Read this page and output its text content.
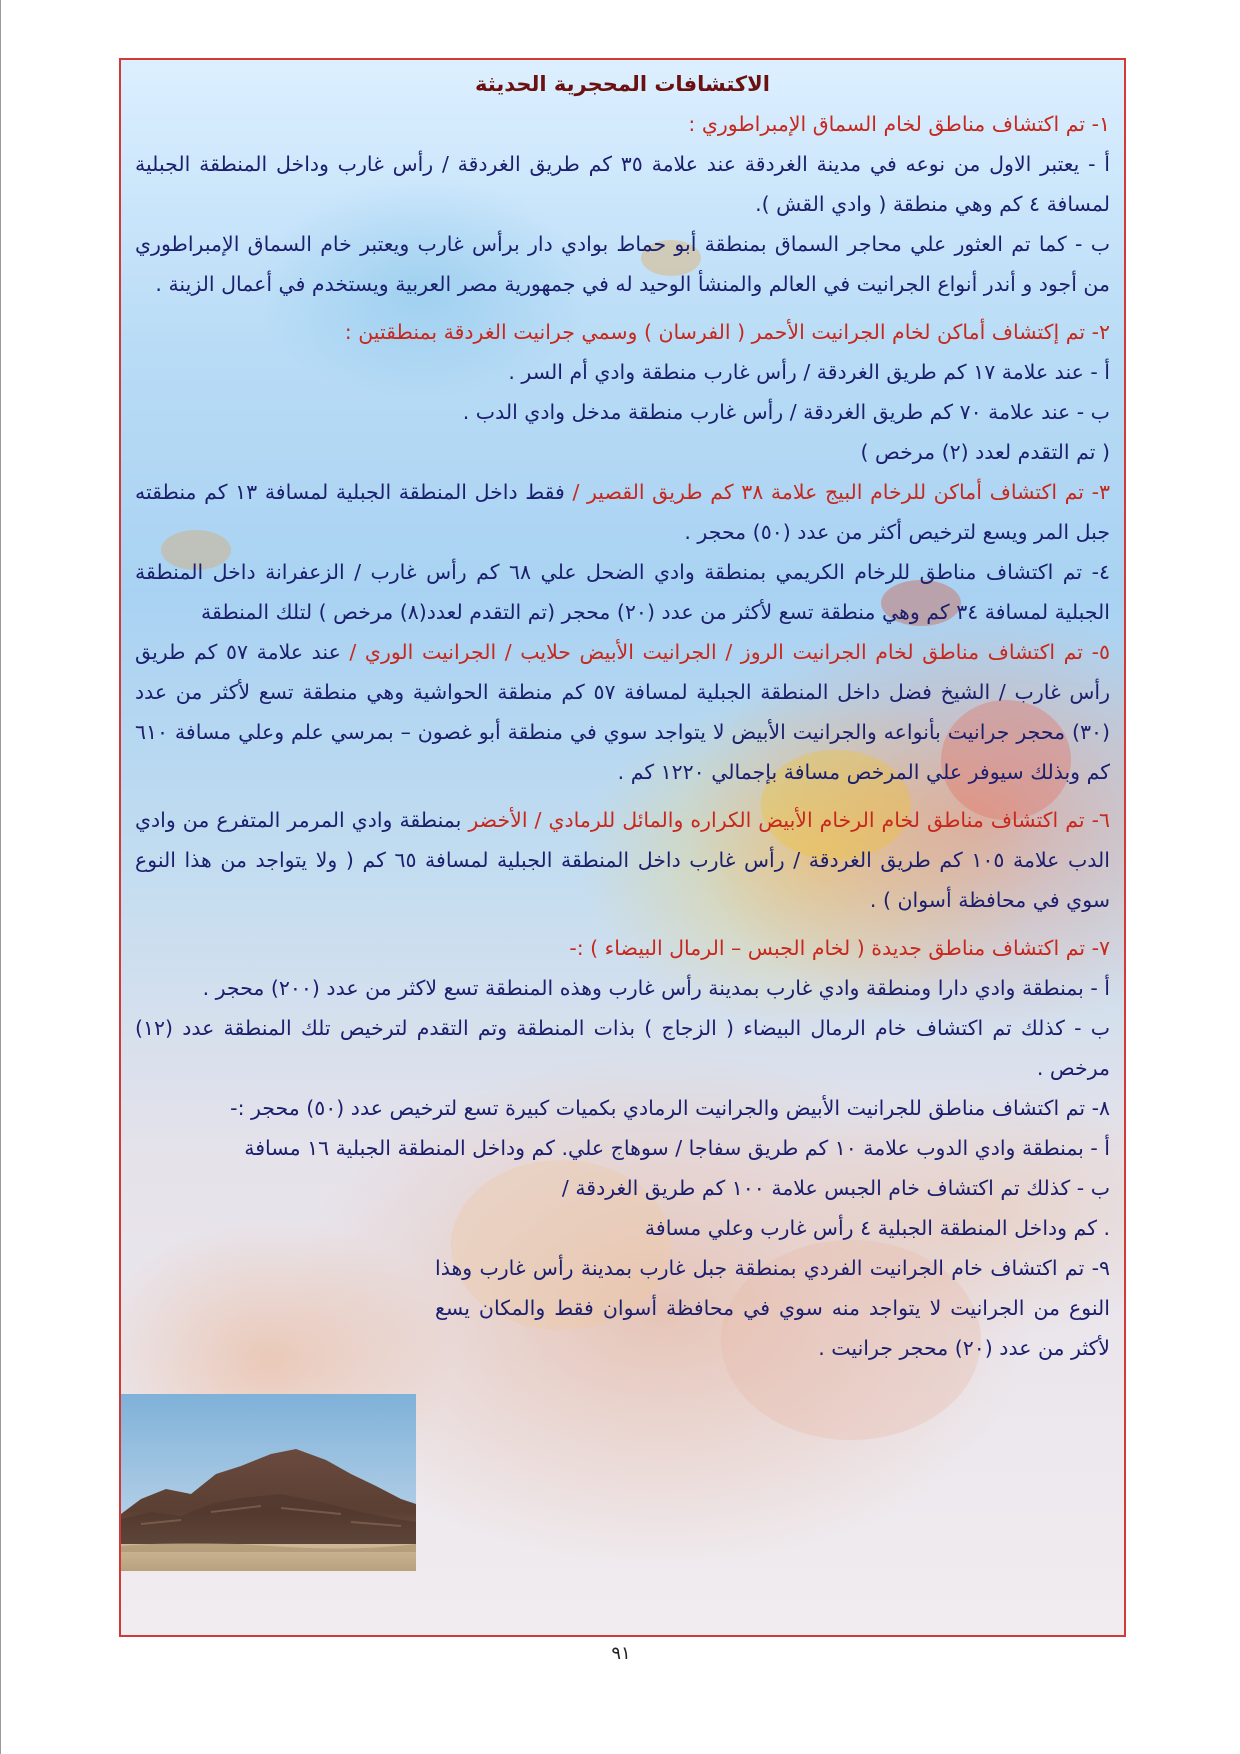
الاكتشافات المحجرية الحديثة

١- تم اكتشاف مناطق لخام السماق الإمبراطوري :

أ - يعتبر الاول من نوعه في مدينة الغردقة عند علامة ٣٥ كم طريق الغردقة / رأس غارب وداخل المنطقة الجبلية لمسافة ٤ كم وهي منطقة ( وادي القش ).

ب - كما تم العثور علي محاجر السماق بمنطقة أبو حماط بوادي دار برأس غارب ويعتبر خام السماق الإمبراطوري من أجود و أندر أنواع الجرانيت في العالم والمنشأ الوحيد له في جمهورية مصر العربية ويستخدم في أعمال الزينة .

٢- تم إكتشاف أماكن لخام الجرانيت الأحمر ( الفرسان ) وسمي جرانيت الغردقة بمنطقتين :

أ - عند علامة ١٧ كم طريق الغردقة / رأس غارب منطقة وادي أم السر .

ب - عند علامة ٧٠ كم طريق الغردقة / رأس غارب منطقة مدخل وادي الدب .

( تم التقدم لعدد (٢) مرخص )

٣- تم اكتشاف أماكن للرخام البيج علامة ٣٨ كم طريق القصير / فقط داخل المنطقة الجبلية لمسافة ١٣ كم منطقته جبل المر ويسع لترخيص أكثر من عدد (٥٠) محجر .

٤- تم اكتشاف مناطق للرخام الكريمي بمنطقة وادي الضحل علي ٦٨ كم رأس غارب / الزعفرانة داخل المنطقة الجبلية لمسافة ٣٤ كم وهي منطقة تسع لأكثر من عدد (٢٠) محجر (تم التقدم لعدد(٨) مرخص ) لتلك المنطقة

٥- تم اكتشاف مناطق لخام الجرانيت الروز / الجرانيت الأبيض حلايب / الجرانيت الوري / عند علامة ٥٧ كم طريق رأس غارب / الشيخ فضل داخل المنطقة الجبلية لمسافة ٥٧ كم منطقة الحواشية وهي منطقة تسع لأكثر من عدد (٣٠) محجر جرانيت بأنواعه والجرانيت الأبيض لا يتواجد سوي في منطقة أبو غصون – بمرسي علم وعلي مسافة ٦١٠ كم وبذلك سيوفر علي المرخص مسافة بإجمالي ١٢٢٠ كم .

٦- تم اكتشاف مناطق لخام الرخام الأبيض الكراره والمائل للرمادي / الأخضر بمنطقة وادي المرمر المتفرع من وادي الدب علامة ١٠٥ كم طريق الغردقة / رأس غارب داخل المنطقة الجبلية لمسافة ٦٥ كم ( ولا يتواجد من هذا النوع سوي في محافظة أسوان ) .

٧- تم اكتشاف مناطق جديدة ( لخام الجبس – الرمال البيضاء ) :-

أ - بمنطقة وادي دارا ومنطقة وادي غارب بمدينة رأس غارب وهذه المنطقة تسع لاكثر من عدد (٢٠٠) محجر .

ب - كذلك تم اكتشاف خام الرمال البيضاء ( الزجاج ) بذات المنطقة وتم التقدم لترخيص تلك المنطقة عدد (١٢) مرخص .

٨- تم اكتشاف مناطق للجرانيت الأبيض والجرانيت الرمادي بكميات كبيرة تسع لترخيص عدد (٥٠) محجر :-

أ - بمنطقة وادي الدوب علامة ١٠ كم طريق سفاجا / سوهاج علي. كم وداخل المنطقة الجبلية ١٦ مسافة

ب - كذلك تم اكتشاف خام الجبس علامة ١٠٠ كم طريق الغردقة /

. كم وداخل المنطقة الجبلية ٤ رأس غارب وعلي مسافة

٩- تم اكتشاف خام الجرانيت الفردي بمنطقة جبل غارب بمدينة رأس غارب وهذا النوع من الجرانيت لا يتواجد منه سوي في محافظة أسوان فقط والمكان يسع لأكثر من عدد (٢٠) محجر جرانيت .

٩١
